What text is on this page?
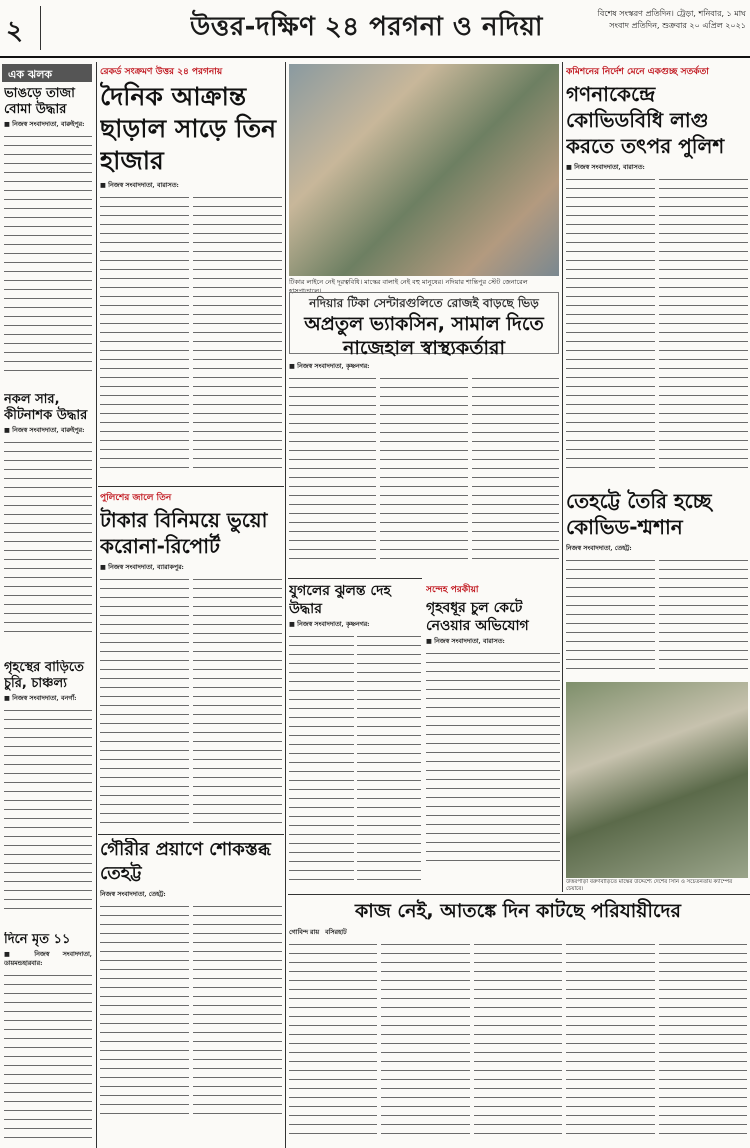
২	উত্তর-দক্ষিণ ২৪ পরগনা ও নদিয়া	বিশেষ সংস্করণ প্রতিদিন। ট্রেড়া, শনিবার, ১ মাঘ
সংবাদ প্রতিদিন, শুক্রবার ২০ এপ্রিল ২০২১
এক ঝলক
ভাঙড়ে তাজা বোমা উদ্ধার
■ নিজস্ব সংবাদদাতা, বারুইপুর:
নকল সার, কীটনাশক উদ্ধার
■ নিজস্ব সংবাদদাতা, বারুইপুর:
গৃহস্থের বাড়িতে চুরি, চাঞ্চল্য
■ নিজস্ব সংবাদদাতা, বনগাঁ:
দিনে মৃত ১১
■ নিজস্ব সংবাদদাতা, ডায়মন্ডহারবার:
রেকর্ড সংক্রমণ উত্তর ২৪ পরগনায়
দৈনিক আক্রান্ত ছাড়াল সাড়ে তিন হাজার
■ নিজস্ব সংবাদদাতা, বারাসত:
পুলিশের জালে তিন
টাকার বিনিময়ে ভুয়ো করোনা-রিপোর্ট
■ নিজস্ব সংবাদদাতা, ব্যারাকপুর:
গৌরীর প্রয়াণে শোকস্তব্ধ তেহট্ট
নিজস্ব সংবাদদাতা, তেহট্ট:
টিকার লাইনে নেই দূরত্ববিধি। মাস্কের বালাই নেই বহু মানুষের। নদিয়ার শান্তিপুর স্টেট জেনারেল হাসপাতালে।
নদিয়ার টিকা সেন্টারগুলিতে রোজই বাড়ছে ভিড়
অপ্রতুল ভ্যাকসিন, সামাল দিতে নাজেহাল স্বাস্থ্যকর্তারা
■ নিজস্ব সংবাদদাতা, কৃষ্ণনগর:
যুগলের ঝুলন্ত দেহ উদ্ধার
■ নিজস্ব সংবাদদাতা, কৃষ্ণনগর:
সন্দেহ পরকীয়া
গৃহবধূর চুল কেটে নেওয়ার অভিযোগ
■ নিজস্ব সংবাদদাতা, বারাসত:
কমিশনের নির্দেশ মেনে একগুচ্ছ সতর্কতা
গণনাকেন্দ্রে কোভিডবিধি লাগু করতে তৎপর পুলিশ
■ নিজস্ব সংবাদদাতা, বারাসত:
তেহট্টে তৈরি হচ্ছে কোভিড-শ্মশান
নিজস্ব সংবাদদাতা, তেহট্ট:
উত্তরপাড়া বরুণবাড়িতে মাস্কের উদ্দেশ্যে দেশের সিনি ও সচেতনতায় ক্যাম্পের চেয়ারে।
কাজ নেই, আতঙ্কে দিন কাটছে পরিযায়ীদের
গোবিন্দ রায় বসিরহাট
